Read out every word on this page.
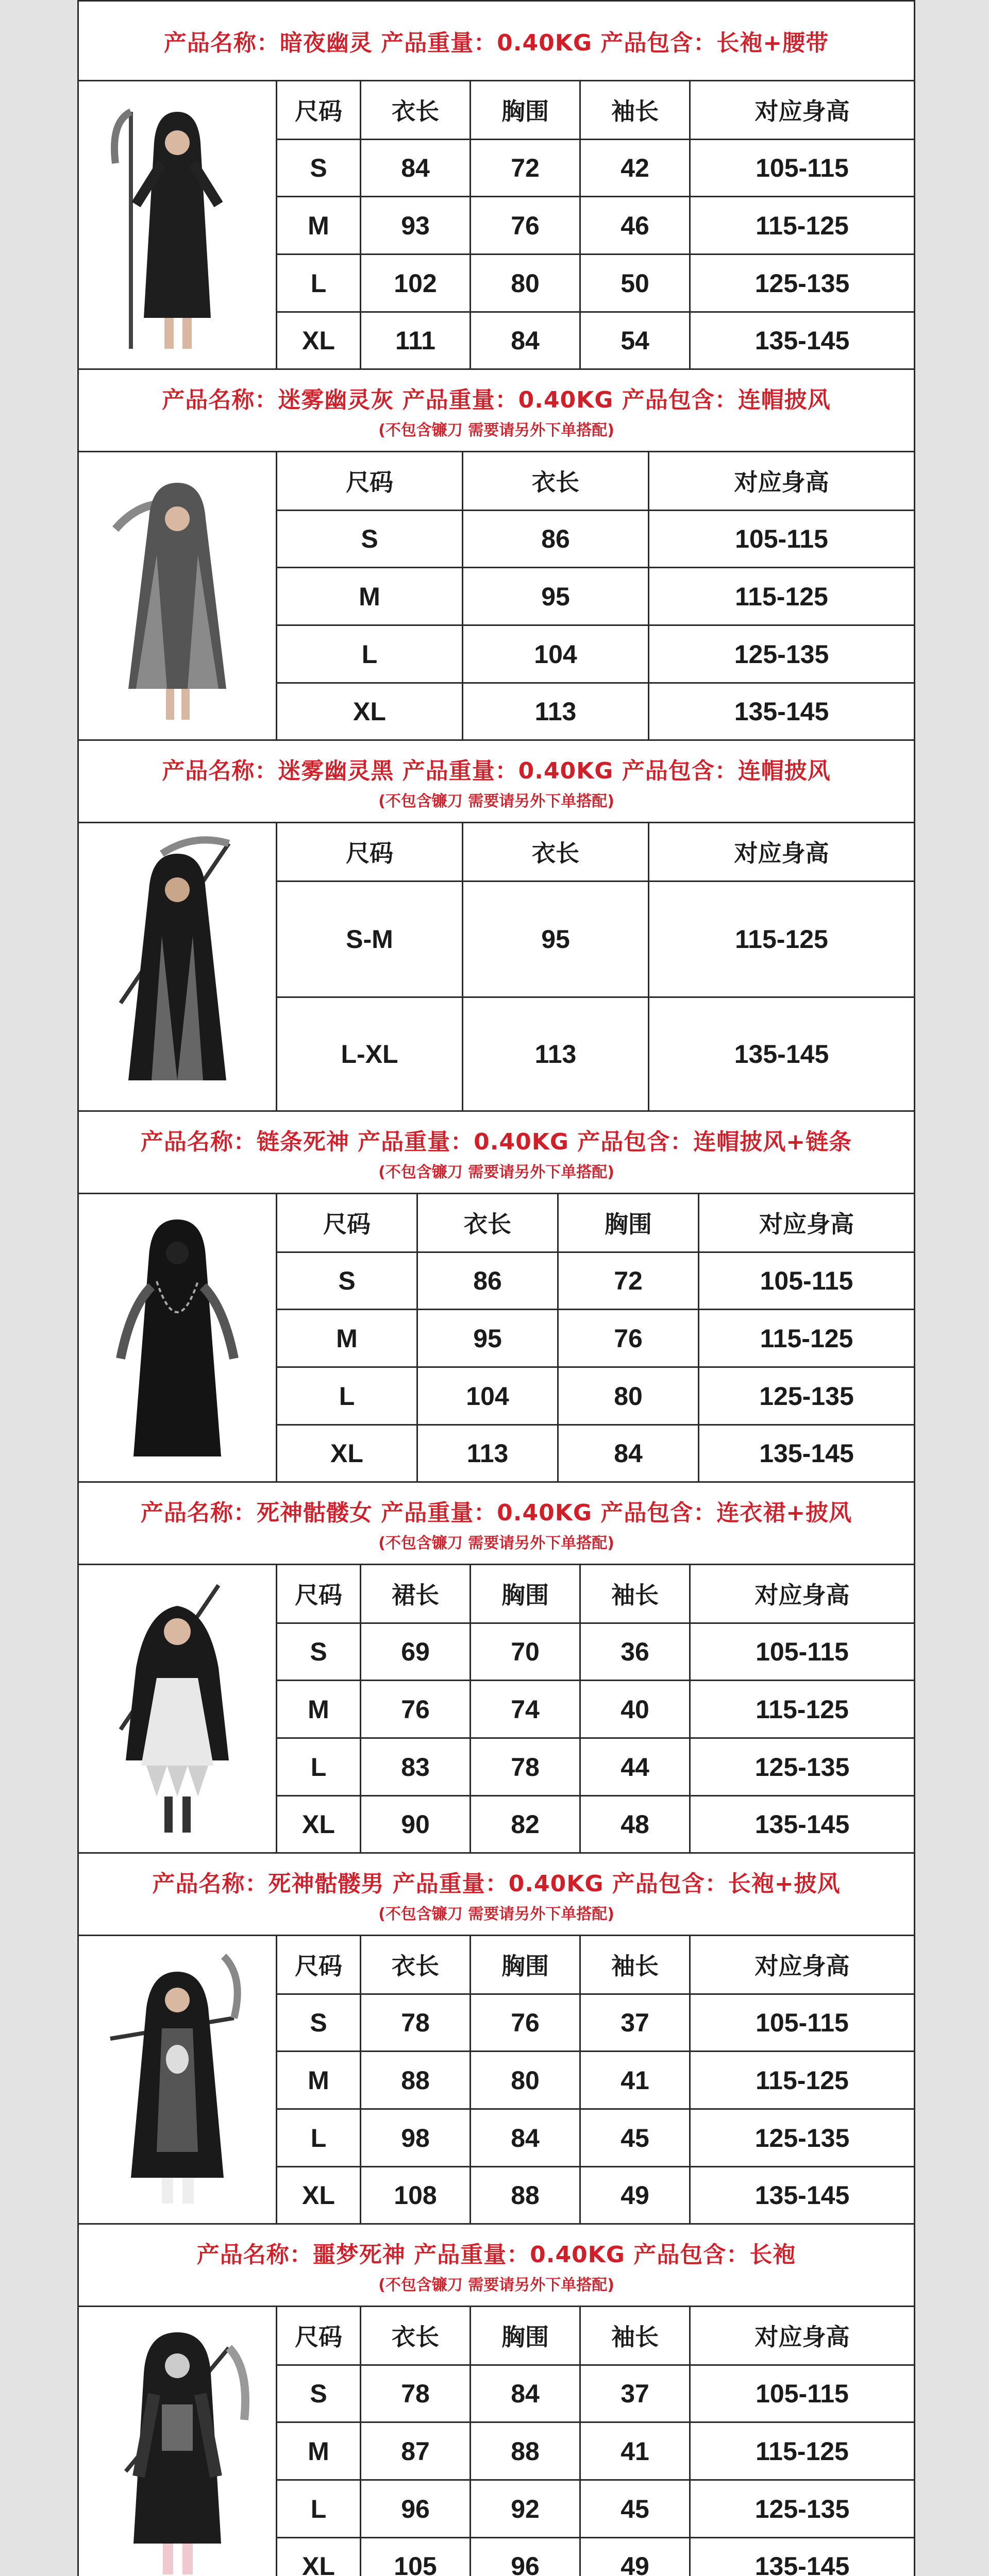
产品名称：暗夜幽灵 产品重量：0.40KG 产品包含：长袍+腰带
尺码	衣长	胸围	袖长	对应身高
S	84	72	42	105-115
M	93	76	46	115-125
L	102	80	50	125-135
XL	111	84	54	135-145
产品名称：迷雾幽灵灰 产品重量：0.40KG 产品包含：连帽披风
(不包含镰刀 需要请另外下单搭配)
尺码	衣长	对应身高
S	86	105-115
M	95	115-125
L	104	125-135
XL	113	135-145
产品名称：迷雾幽灵黑 产品重量：0.40KG 产品包含：连帽披风
(不包含镰刀 需要请另外下单搭配)
尺码	衣长	对应身高
S-M	95	115-125
L-XL	113	135-145
产品名称：链条死神 产品重量：0.40KG 产品包含：连帽披风+链条
(不包含镰刀 需要请另外下单搭配)
尺码	衣长	胸围	对应身高
S	86	72	105-115
M	95	76	115-125
L	104	80	125-135
XL	113	84	135-145
产品名称：死神骷髅女 产品重量：0.40KG 产品包含：连衣裙+披风
(不包含镰刀 需要请另外下单搭配)
尺码	裙长	胸围	袖长	对应身高
S	69	70	36	105-115
M	76	74	40	115-125
L	83	78	44	125-135
XL	90	82	48	135-145
产品名称：死神骷髅男 产品重量：0.40KG 产品包含：长袍+披风
(不包含镰刀 需要请另外下单搭配)
尺码	衣长	胸围	袖长	对应身高
S	78	76	37	105-115
M	88	80	41	115-125
L	98	84	45	125-135
XL	108	88	49	135-145
产品名称：噩梦死神 产品重量：0.40KG 产品包含：长袍
(不包含镰刀 需要请另外下单搭配)
尺码	衣长	胸围	袖长	对应身高
S	78	84	37	105-115
M	87	88	41	115-125
L	96	92	45	125-135
XL	105	96	49	135-145
